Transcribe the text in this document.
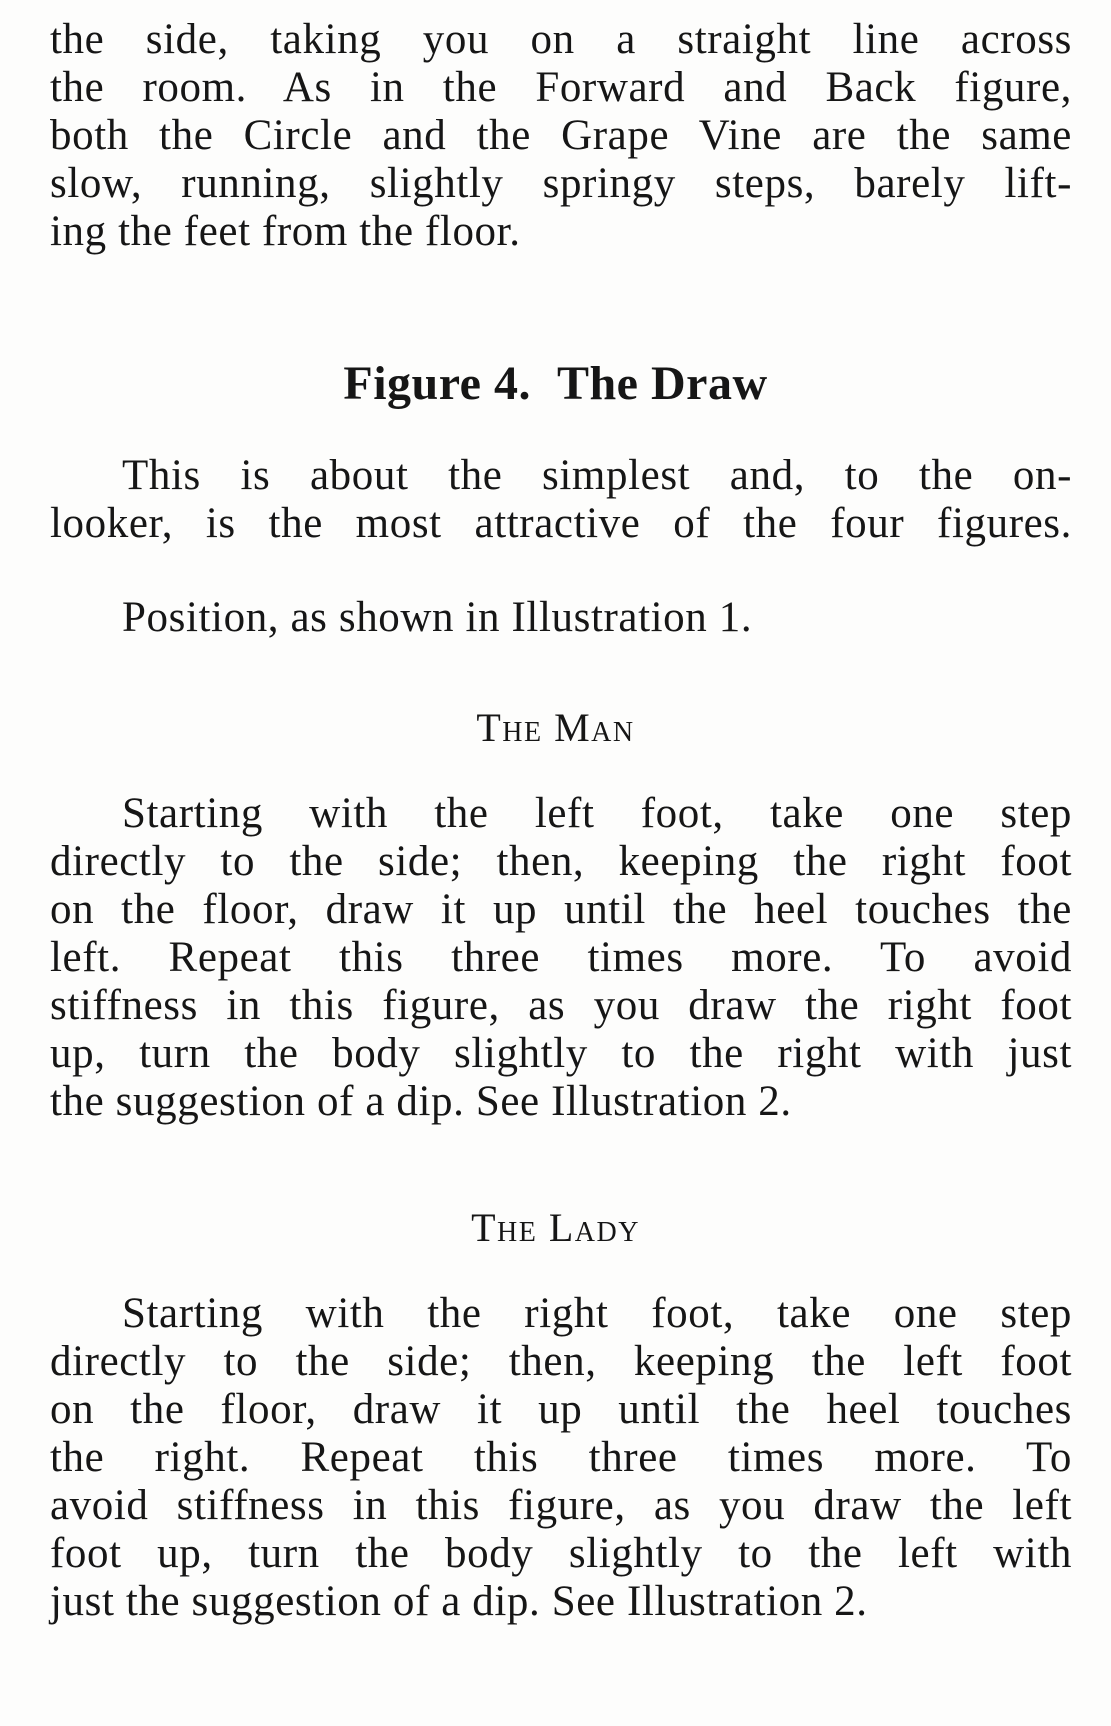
the side, taking you on a straight line across
the room. As in the Forward and Back figure,
both the Circle and the Grape Vine are the same
slow, running, slightly springy steps, barely lift-
ing the feet from the floor.
Figure 4. The Draw
This is about the simplest and, to the on-
looker, is the most attractive of the four figures.
Position, as shown in Illustration 1.
The Man
Starting with the left foot, take one step
directly to the side; then, keeping the right foot
on the floor, draw it up until the heel touches the
left. Repeat this three times more. To avoid
stiffness in this figure, as you draw the right foot
up, turn the body slightly to the right with just
the suggestion of a dip. See Illustration 2.
The Lady
Starting with the right foot, take one step
directly to the side; then, keeping the left foot
on the floor, draw it up until the heel touches
the right. Repeat this three times more. To
avoid stiffness in this figure, as you draw the left
foot up, turn the body slightly to the left with
just the suggestion of a dip. See Illustration 2.
